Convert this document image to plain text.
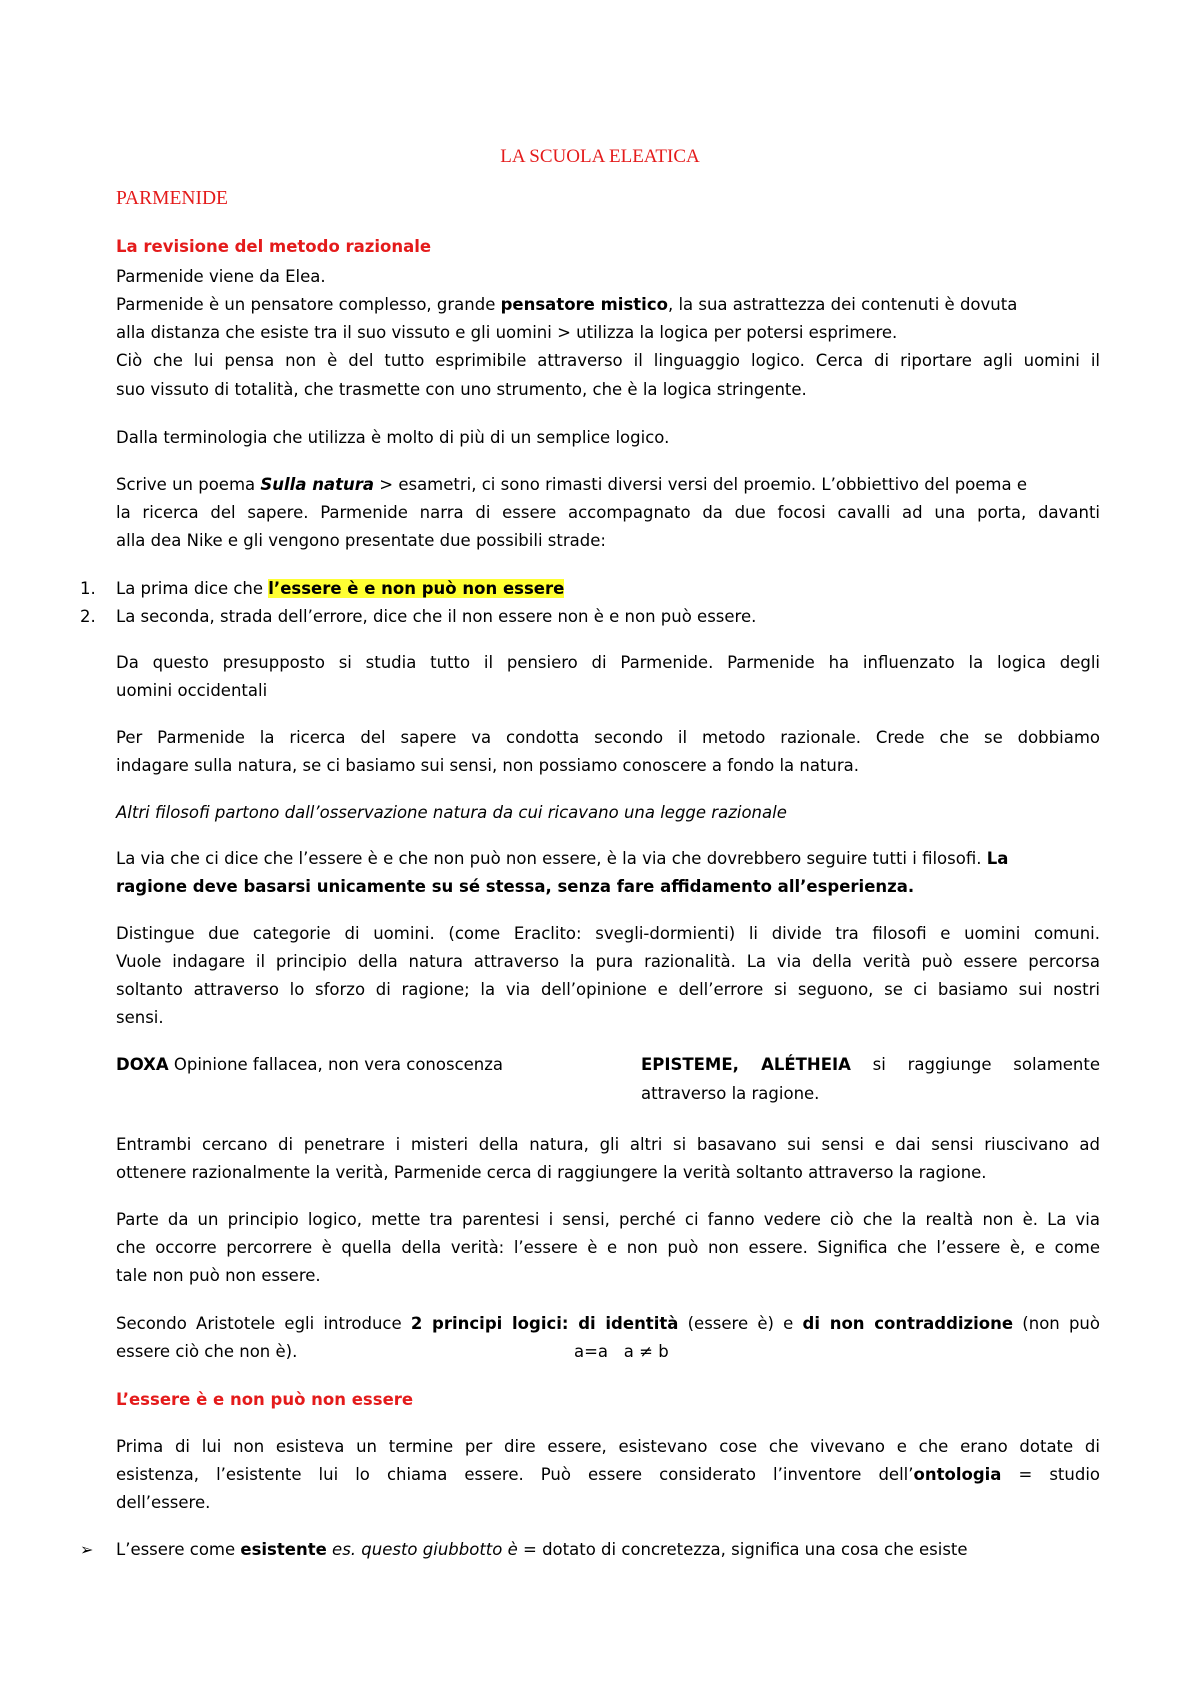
LA SCUOLA ELEATICA
PARMENIDE
La revisione del metodo razionale
Parmenide viene da Elea.
Parmenide è un pensatore complesso, grande pensatore mistico, la sua astrattezza dei contenuti è dovuta
alla distanza che esiste tra il suo vissuto e gli uomini > utilizza la logica per potersi esprimere.
Ciò che lui pensa non è del tutto esprimibile attraverso il linguaggio logico. Cerca di riportare agli uomini il
suo vissuto di totalità, che trasmette con uno strumento, che è la logica stringente.
Dalla terminologia che utilizza è molto di più di un semplice logico.
Scrive un poema Sulla natura > esametri, ci sono rimasti diversi versi del proemio. L’obbiettivo del poema e
la ricerca del sapere. Parmenide narra di essere accompagnato da due focosi cavalli ad una porta, davanti
alla dea Nike e gli vengono presentate due possibili strade:
1. La prima dice che l’essere è e non può non essere
2. La seconda, strada dell’errore, dice che il non essere non è e non può essere.
Da questo presupposto si studia tutto il pensiero di Parmenide. Parmenide ha influenzato la logica degli
uomini occidentali
Per Parmenide la ricerca del sapere va condotta secondo il metodo razionale. Crede che se dobbiamo
indagare sulla natura, se ci basiamo sui sensi, non possiamo conoscere a fondo la natura.
Altri filosofi partono dall’osservazione natura da cui ricavano una legge razionale
La via che ci dice che l’essere è e che non può non essere, è la via che dovrebbero seguire tutti i filosofi. La
ragione deve basarsi unicamente su sé stessa, senza fare affidamento all’esperienza.
Distingue due categorie di uomini. (come Eraclito: svegli-dormienti) li divide tra filosofi e uomini comuni.
Vuole indagare il principio della natura attraverso la pura razionalità. La via della verità può essere percorsa
soltanto attraverso lo sforzo di ragione; la via dell’opinione e dell’errore si seguono, se ci basiamo sui nostri
sensi.
DOXA Opinione fallacea, non vera conoscenza	EPISTEME, ALÉTHEIA si raggiunge solamente
attraverso la ragione.
Entrambi cercano di penetrare i misteri della natura, gli altri si basavano sui sensi e dai sensi riuscivano ad
ottenere razionalmente la verità, Parmenide cerca di raggiungere la verità soltanto attraverso la ragione.
Parte da un principio logico, mette tra parentesi i sensi, perché ci fanno vedere ciò che la realtà non è. La via
che occorre percorrere è quella della verità: l’essere è e non può non essere. Significa che l’essere è, e come
tale non può non essere.
Secondo Aristotele egli introduce 2 principi logici: di identità (essere è) e di non contraddizione (non può
essere ciò che non è).	a=a   a ≠ b
L’essere è e non può non essere
Prima di lui non esisteva un termine per dire essere, esistevano cose che vivevano e che erano dotate di
esistenza, l’esistente lui lo chiama essere. Può essere considerato l’inventore dell’ontologia = studio
dell’essere.
➢ L’essere come esistente es. questo giubbotto è = dotato di concretezza, significa una cosa che esiste
